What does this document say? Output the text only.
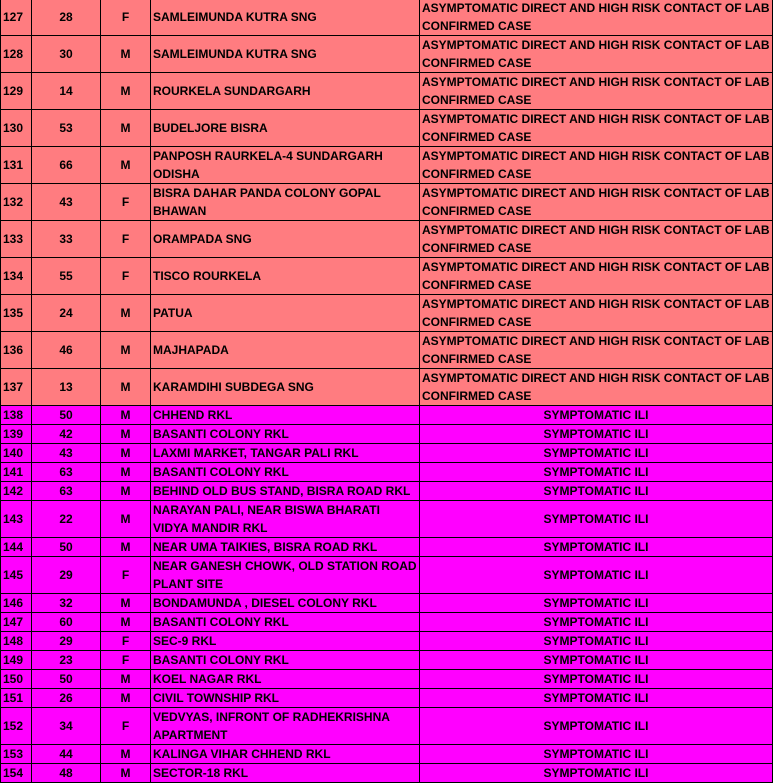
127	28	F	SAMLEIMUNDA KUTRA SNG	ASYMPTOMATIC DIRECT AND HIGH RISK CONTACT OF LAB CONFIRMED CASE
128	30	M	SAMLEIMUNDA KUTRA SNG	ASYMPTOMATIC DIRECT AND HIGH RISK CONTACT OF LAB CONFIRMED CASE
129	14	M	ROURKELA SUNDARGARH	ASYMPTOMATIC DIRECT AND HIGH RISK CONTACT OF LAB CONFIRMED CASE
130	53	M	BUDELJORE BISRA	ASYMPTOMATIC DIRECT AND HIGH RISK CONTACT OF LAB CONFIRMED CASE
131	66	M	PANPOSH RAURKELA-4 SUNDARGARH ODISHA	ASYMPTOMATIC DIRECT AND HIGH RISK CONTACT OF LAB CONFIRMED CASE
132	43	F	BISRA DAHAR PANDA COLONY GOPAL BHAWAN	ASYMPTOMATIC DIRECT AND HIGH RISK CONTACT OF LAB CONFIRMED CASE
133	33	F	ORAMPADA SNG	ASYMPTOMATIC DIRECT AND HIGH RISK CONTACT OF LAB CONFIRMED CASE
134	55	F	TISCO ROURKELA	ASYMPTOMATIC DIRECT AND HIGH RISK CONTACT OF LAB CONFIRMED CASE
135	24	M	PATUA	ASYMPTOMATIC DIRECT AND HIGH RISK CONTACT OF LAB CONFIRMED CASE
136	46	M	MAJHAPADA	ASYMPTOMATIC DIRECT AND HIGH RISK CONTACT OF LAB CONFIRMED CASE
137	13	M	KARAMDIHI SUBDEGA SNG	ASYMPTOMATIC DIRECT AND HIGH RISK CONTACT OF LAB CONFIRMED CASE
138	50	M	CHHEND RKL	SYMPTOMATIC ILI
139	42	M	BASANTI COLONY RKL	SYMPTOMATIC ILI
140	43	M	LAXMI MARKET, TANGAR PALI RKL	SYMPTOMATIC ILI
141	63	M	BASANTI COLONY RKL	SYMPTOMATIC ILI
142	63	M	BEHIND OLD BUS STAND, BISRA ROAD RKL	SYMPTOMATIC ILI
143	22	M	NARAYAN PALI, NEAR BISWA BHARATI VIDYA MANDIR RKL	SYMPTOMATIC ILI
144	50	M	NEAR UMA TAIKIES, BISRA ROAD RKL	SYMPTOMATIC ILI
145	29	F	NEAR GANESH CHOWK, OLD STATION ROAD PLANT SITE	SYMPTOMATIC ILI
146	32	M	BONDAMUNDA , DIESEL COLONY RKL	SYMPTOMATIC ILI
147	60	M	BASANTI COLONY RKL	SYMPTOMATIC ILI
148	29	F	SEC-9 RKL	SYMPTOMATIC ILI
149	23	F	BASANTI COLONY RKL	SYMPTOMATIC ILI
150	50	M	KOEL NAGAR RKL	SYMPTOMATIC ILI
151	26	M	CIVIL TOWNSHIP RKL	SYMPTOMATIC ILI
152	34	F	VEDVYAS, INFRONT OF RADHEKRISHNA APARTMENT	SYMPTOMATIC ILI
153	44	M	KALINGA VIHAR CHHEND RKL	SYMPTOMATIC ILI
154	48	M	SECTOR-18 RKL	SYMPTOMATIC ILI
